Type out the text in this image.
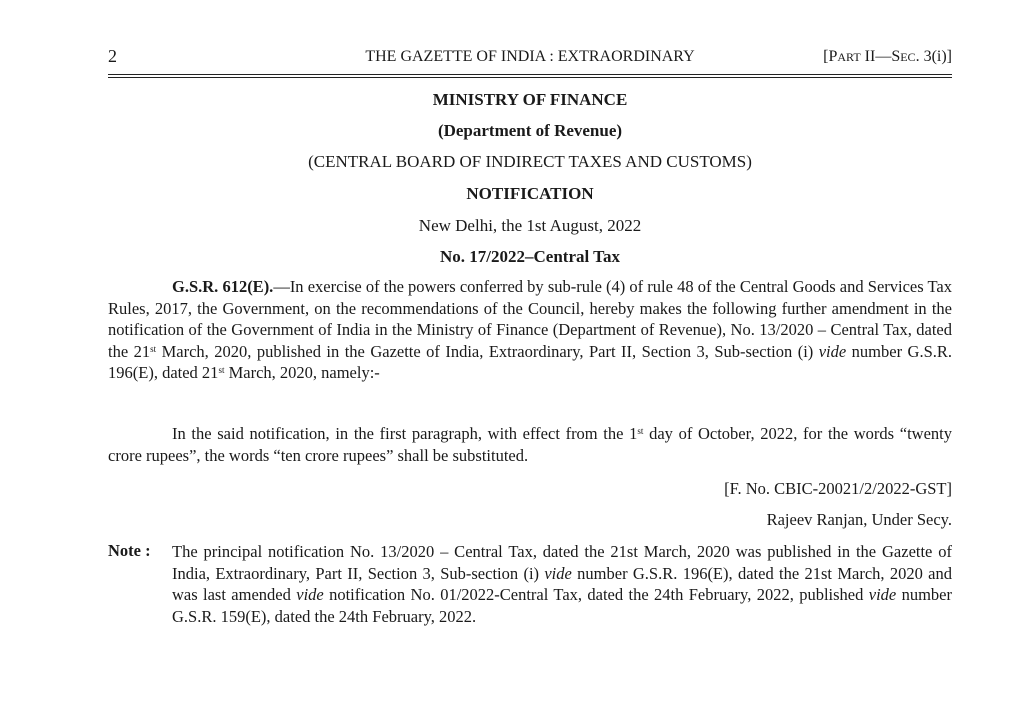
2	THE GAZETTE OF INDIA : EXTRAORDINARY	[PART II—SEC. 3(i)]
MINISTRY OF FINANCE
(Department of Revenue)
(CENTRAL BOARD OF INDIRECT TAXES AND CUSTOMS)
NOTIFICATION
New Delhi, the 1st August, 2022
No. 17/2022–Central Tax
G.S.R. 612(E).—In exercise of the powers conferred by sub-rule (4) of rule 48 of the Central Goods and Services Tax Rules, 2017, the Government, on the recommendations of the Council, hereby makes the following further amendment in the notification of the Government of India in the Ministry of Finance (Department of Revenue), No. 13/2020 – Central Tax, dated the 21st March, 2020, published in the Gazette of India, Extraordinary, Part II, Section 3, Sub-section (i) vide number G.S.R. 196(E), dated 21st March, 2020, namely:-
In the said notification, in the first paragraph, with effect from the 1st day of October, 2022, for the words “twenty crore rupees”, the words “ten crore rupees” shall be substituted.
[F. No. CBIC-20021/2/2022-GST]
Rajeev Ranjan, Under Secy.
Note : The principal notification No. 13/2020 – Central Tax, dated the 21st March, 2020 was published in the Gazette of India, Extraordinary, Part II, Section 3, Sub-section (i) vide number G.S.R. 196(E), dated the 21st March, 2020 and was last amended vide notification No. 01/2022-Central Tax, dated the 24th February, 2022, published vide number G.S.R. 159(E), dated the 24th February, 2022.
